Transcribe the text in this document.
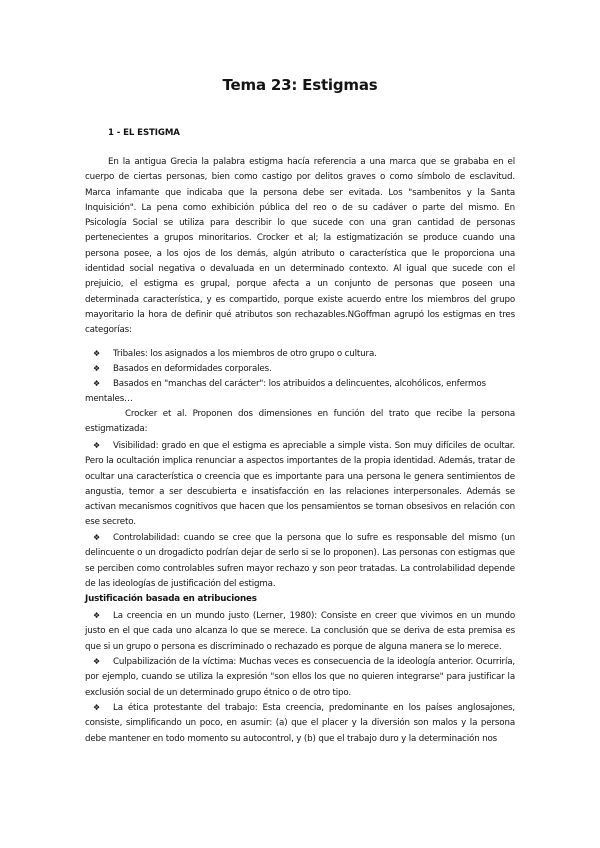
Tema 23: Estigmas
1 - EL ESTIGMA

En la antigua Grecia la palabra estigma hacía referencia a una marca que se grababa en el cuerpo de ciertas personas, bien como castigo por delitos graves o como símbolo de esclavitud. Marca infamante que indicaba que la persona debe ser evitada. Los "sambenitos y la Santa Inquisición". La pena como exhibición pública del reo o de su cadáver o parte del mismo. En Psicología Social se utiliza para describir lo que sucede con una gran cantidad de personas pertenecientes a grupos minoritarios. Crocker et al; la estigmatización se produce cuando una persona posee, a los ojos de los demás, algún atributo o característica que le proporciona una identidad social negativa o devaluada en un determinado contexto. Al igual que sucede con el prejuicio, el estigma es grupal, porque afecta a un conjunto de personas que poseen una determinada característica, y es compartido, porque existe acuerdo entre los miembros del grupo mayoritario la hora de definir qué atributos son rechazables.NGoffman agrupó los estigmas en tres categorías:

❖ Tribales: los asignados a los miembros de otro grupo o cultura.

❖ Basados en deformidades corporales.

❖ Basados en "manchas del carácter": los atribuidos a delincuentes, alcohólicos, enfermos mentales…

Crocker et al. Proponen dos dimensiones en función del trato que recibe la persona estigmatizada:

❖ Visibilidad: grado en que el estigma es apreciable a simple vista. Son muy difíciles de ocultar. Pero la ocultación implica renunciar a aspectos importantes de la propia identidad. Además, tratar de ocultar una característica o creencia que es importante para una persona le genera sentimientos de angustia, temor a ser descubierta e insatisfacción en las relaciones interpersonales. Además se activan mecanismos cognitivos que hacen que los pensamientos se tornan obsesivos en relación con ese secreto.

❖ Controlabilidad: cuando se cree que la persona que lo sufre es responsable del mismo (un delincuente o un drogadicto podrían dejar de serlo si se lo proponen). Las personas con estigmas que se perciben como controlables sufren mayor rechazo y son peor tratadas. La controlabilidad depende de las ideologías de justificación del estigma.

Justificación basada en atribuciones

❖ La creencia en un mundo justo (Lerner, 1980): Consiste en creer que vivimos en un mundo justo en el que cada uno alcanza lo que se merece. La conclusión que se deriva de esta premisa es que si un grupo o persona es discriminado o rechazado es porque de alguna manera se lo merece.

❖ Culpabilización de la víctima: Muchas veces es consecuencia de la ideología anterior. Ocurriría, por ejemplo, cuando se utiliza la expresión "son ellos los que no quieren integrarse" para justificar la exclusión social de un determinado grupo étnico o de otro tipo.

❖ La ética protestante del trabajo: Esta creencia, predominante en los países anglosajones, consiste, simplificando un poco, en asumir: (a) que el placer y la diversión son malos y la persona debe mantener en todo momento su autocontrol, y (b) que el trabajo duro y la determinación nos
